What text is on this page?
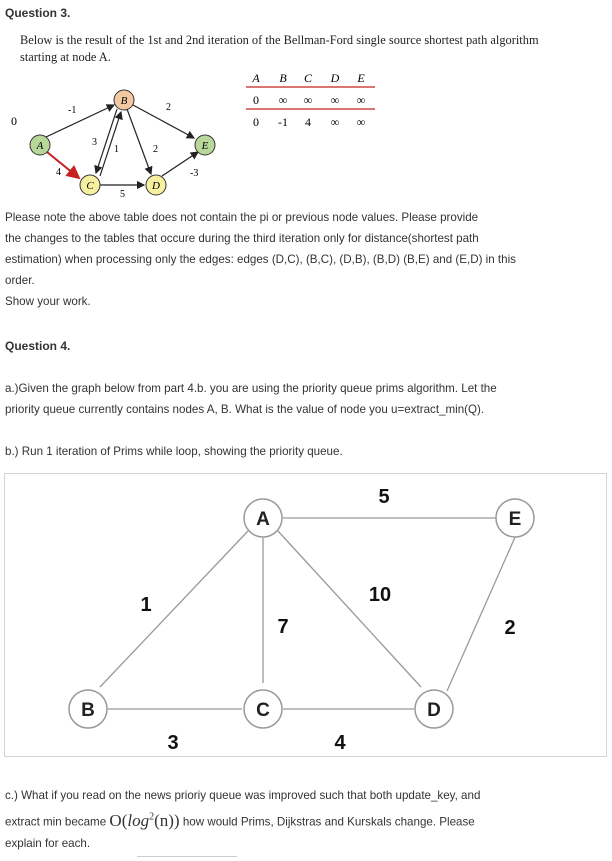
Question 3.
Below is the result of the 1st and 2nd iteration of the Bellman-Ford single source shortest path algorithm
starting at node A.
A
B
C	D
E
0
-1
4
3
1	2
5
2
-3
A B C D E
0 ∞ ∞ ∞ ∞
0 -1 4 ∞ ∞
Please note the above table does not contain the pi or previous node values. Please provide
the changes to the tables that occure during the third iteration only for distance(shortest path
estimation) when processing only the edges: edges (D,C), (B,C), (D,B), (B,D) (B,E) and (E,D) in this
order.
Show your work.
Question 4.
a.)Given the graph below from part 4.b. you are using the priority queue prims algorithm. Let the
priority queue currently contains nodes A, B. What is the value of node you u=extract_min(Q).
b.) Run 1 iteration of Prims while loop, showing the priority queue.
A	E
B	C	D
5
1
7
10
2
3	4
c.) What if you read on the news prioriy queue was improved such that both update_key, and
extract min became $O(\log^2(n))$ how would Prims, Dijkstras and Kurskals change. Please
explain for each.
